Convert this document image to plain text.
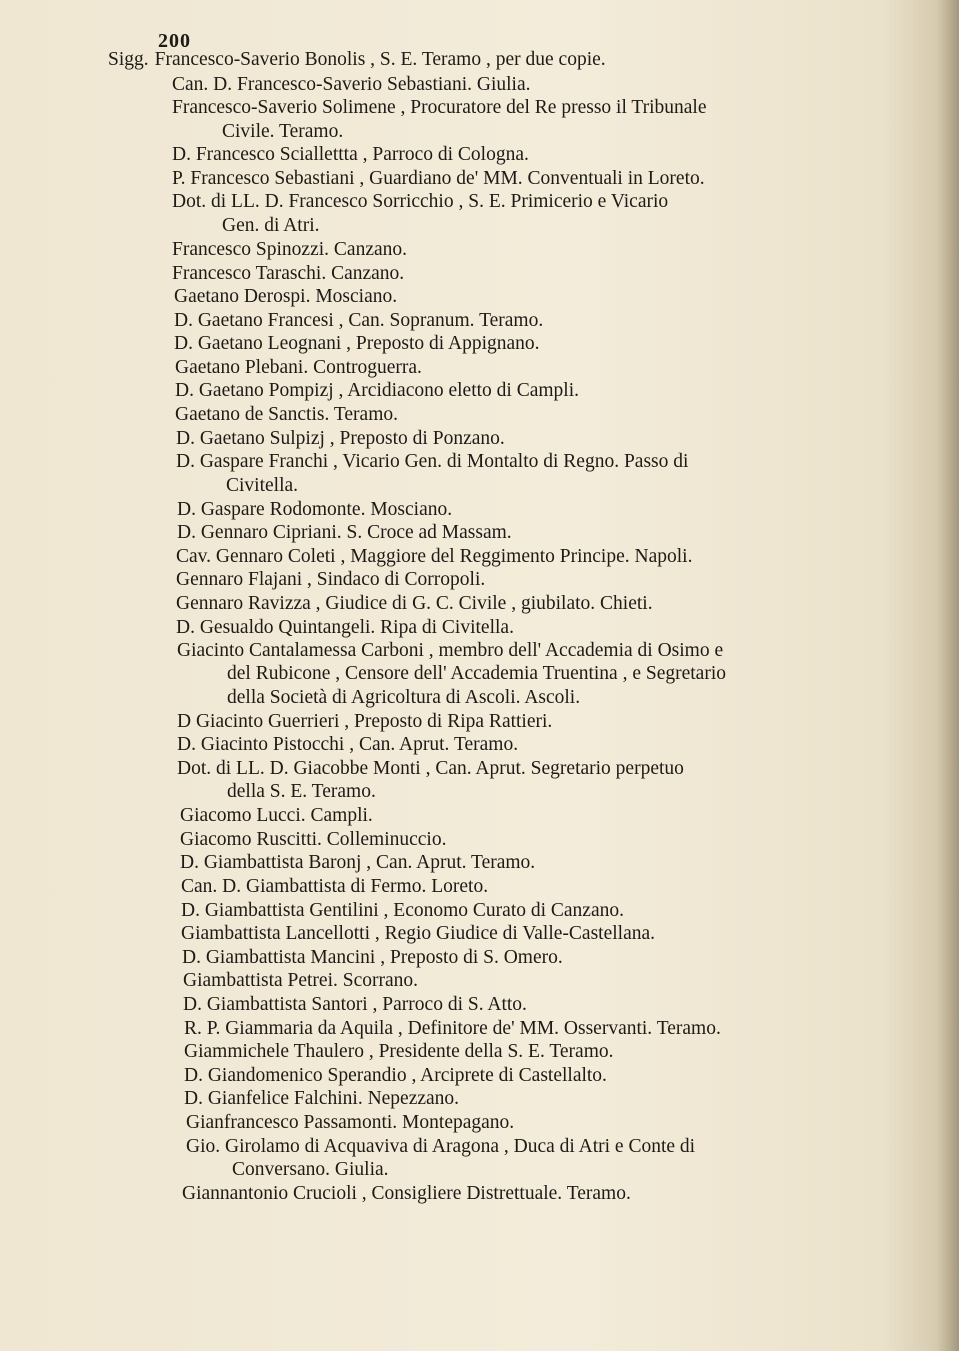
200
Sigg. Francesco-Saverio Bonolis , S. E. Teramo , per due copie.
Can. D. Francesco-Saverio Sebastiani. Giulia.
Francesco-Saverio Solimene , Procuratore del Re presso il Tribunale
Civile. Teramo.
D. Francesco Sciallettta , Parroco di Cologna.
P. Francesco Sebastiani , Guardiano de' MM. Conventuali in Loreto.
Dot. di LL. D. Francesco Sorricchio , S. E. Primicerio e Vicario
Gen. di Atri.
Francesco Spinozzi. Canzano.
Francesco Taraschi. Canzano.
Gaetano Derospi. Mosciano.
D. Gaetano Francesi , Can. Sopranum. Teramo.
D. Gaetano Leognani , Preposto di Appignano.
Gaetano Plebani. Controguerra.
D. Gaetano Pompizj , Arcidiacono eletto di Campli.
Gaetano de Sanctis. Teramo.
D. Gaetano Sulpizj , Preposto di Ponzano.
D. Gaspare Franchi , Vicario Gen. di Montalto di Regno. Passo di
Civitella.
D. Gaspare Rodomonte. Mosciano.
D. Gennaro Cipriani. S. Croce ad Massam.
Cav. Gennaro Coleti , Maggiore del Reggimento Principe. Napoli.
Gennaro Flajani , Sindaco di Corropoli.
Gennaro Ravizza , Giudice di G. C. Civile , giubilato. Chieti.
D. Gesualdo Quintangeli. Ripa di Civitella.
Giacinto Cantalamessa Carboni , membro dell' Accademia di Osimo e
del Rubicone , Censore dell' Accademia Truentina , e Segretario
della Società di Agricoltura di Ascoli. Ascoli.
D Giacinto Guerrieri , Preposto di Ripa Rattieri.
D. Giacinto Pistocchi , Can. Aprut. Teramo.
Dot. di LL. D. Giacobbe Monti , Can. Aprut. Segretario perpetuo
della S. E. Teramo.
Giacomo Lucci. Campli.
Giacomo Ruscitti. Colleminuccio.
D. Giambattista Baronj , Can. Aprut. Teramo.
Can. D. Giambattista di Fermo. Loreto.
D. Giambattista Gentilini , Economo Curato di Canzano.
Giambattista Lancellotti , Regio Giudice di Valle-Castellana.
D. Giambattista Mancini , Preposto di S. Omero.
Giambattista Petrei. Scorrano.
D. Giambattista Santori , Parroco di S. Atto.
R. P. Giammaria da Aquila , Definitore de' MM. Osservanti. Teramo.
Giammichele Thaulero , Presidente della S. E. Teramo.
D. Giandomenico Sperandio , Arciprete di Castellalto.
D. Gianfelice Falchini. Nepezzano.
Gianfrancesco Passamonti. Montepagano.
Gio. Girolamo di Acquaviva di Aragona , Duca di Atri e Conte di
Conversano. Giulia.
Giannantonio Crucioli , Consigliere Distrettuale. Teramo.
